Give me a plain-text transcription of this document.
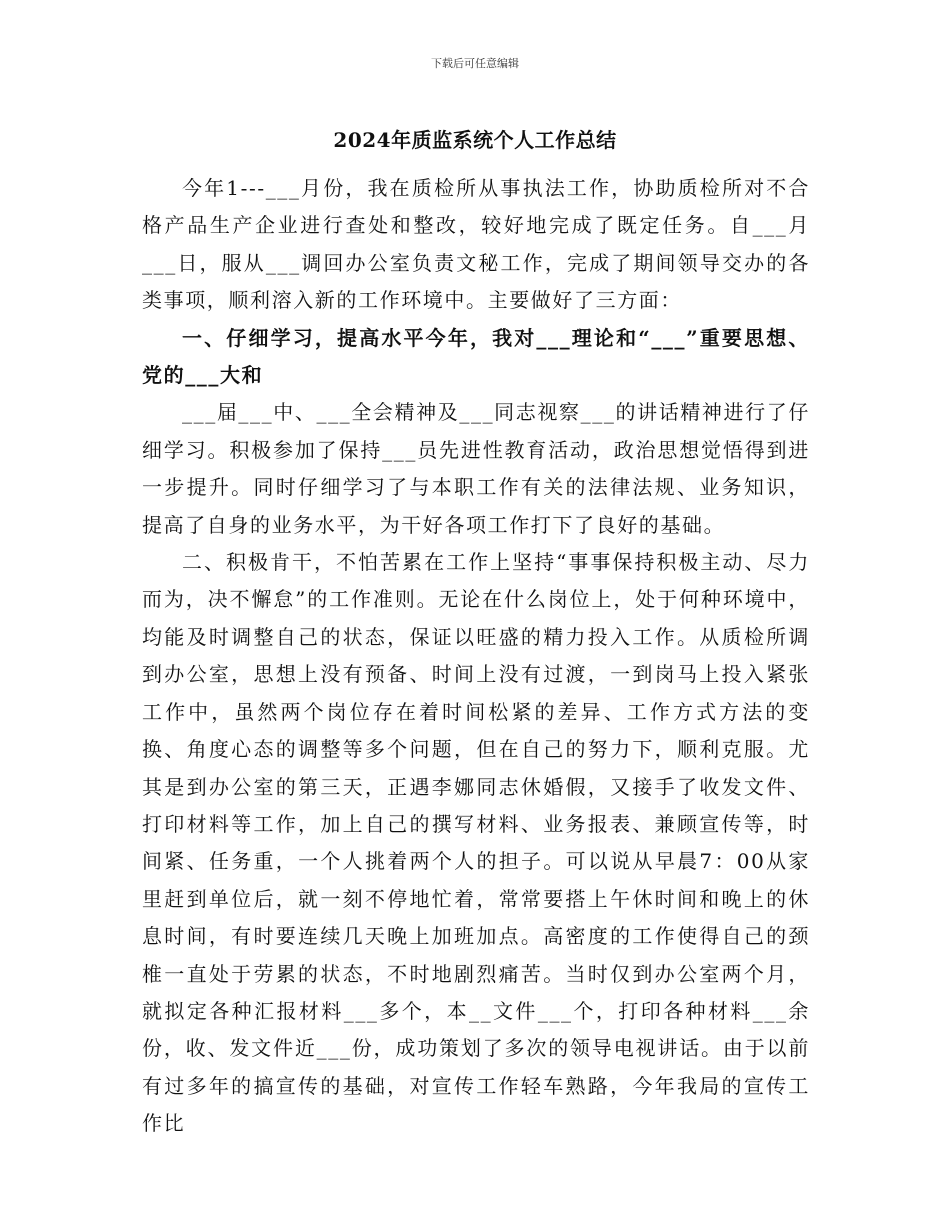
下载后可任意编辑
2024年质监系统个人工作总结

今年1---___月份，我在质检所从事执法工作，协助质检所对不合格产品生产企业进行查处和整改，较好地完成了既定任务。自___月___日，服从___调回办公室负责文秘工作，完成了期间领导交办的各类事项，顺利溶入新的工作环境中。主要做好了三方面：

一、仔细学习，提高水平今年，我对___理论和“___”重要思想、党的___大和

___届___中、___全会精神及___同志视察___的讲话精神进行了仔细学习。积极参加了保持___员先进性教育活动，政治思想觉悟得到进一步提升。同时仔细学习了与本职工作有关的法律法规、业务知识，提高了自身的业务水平，为干好各项工作打下了良好的基础。

二、积极肯干，不怕苦累在工作上坚持“事事保持积极主动、尽力而为，决不懈怠”的工作准则。无论在什么岗位上，处于何种环境中，均能及时调整自己的状态，保证以旺盛的精力投入工作。从质检所调到办公室，思想上没有预备、时间上没有过渡，一到岗马上投入紧张工作中，虽然两个岗位存在着时间松紧的差异、工作方式方法的变换、角度心态的调整等多个问题，但在自己的努力下，顺利克服。尤其是到办公室的第三天，正遇李娜同志休婚假，又接手了收发文件、打印材料等工作，加上自己的撰写材料、业务报表、兼顾宣传等，时间紧、任务重，一个人挑着两个人的担子。可以说从早晨7：00从家里赶到单位后，就一刻不停地忙着，常常要搭上午休时间和晚上的休息时间，有时要连续几天晚上加班加点。高密度的工作使得自己的颈椎一直处于劳累的状态，不时地剧烈痛苦。当时仅到办公室两个月，就拟定各种汇报材料___多个，本__文件___个，打印各种材料___余份，收、发文件近___份，成功策划了多次的领导电视讲话。由于以前有过多年的搞宣传的基础，对宣传工作轻车熟路，今年我局的宣传工作比
